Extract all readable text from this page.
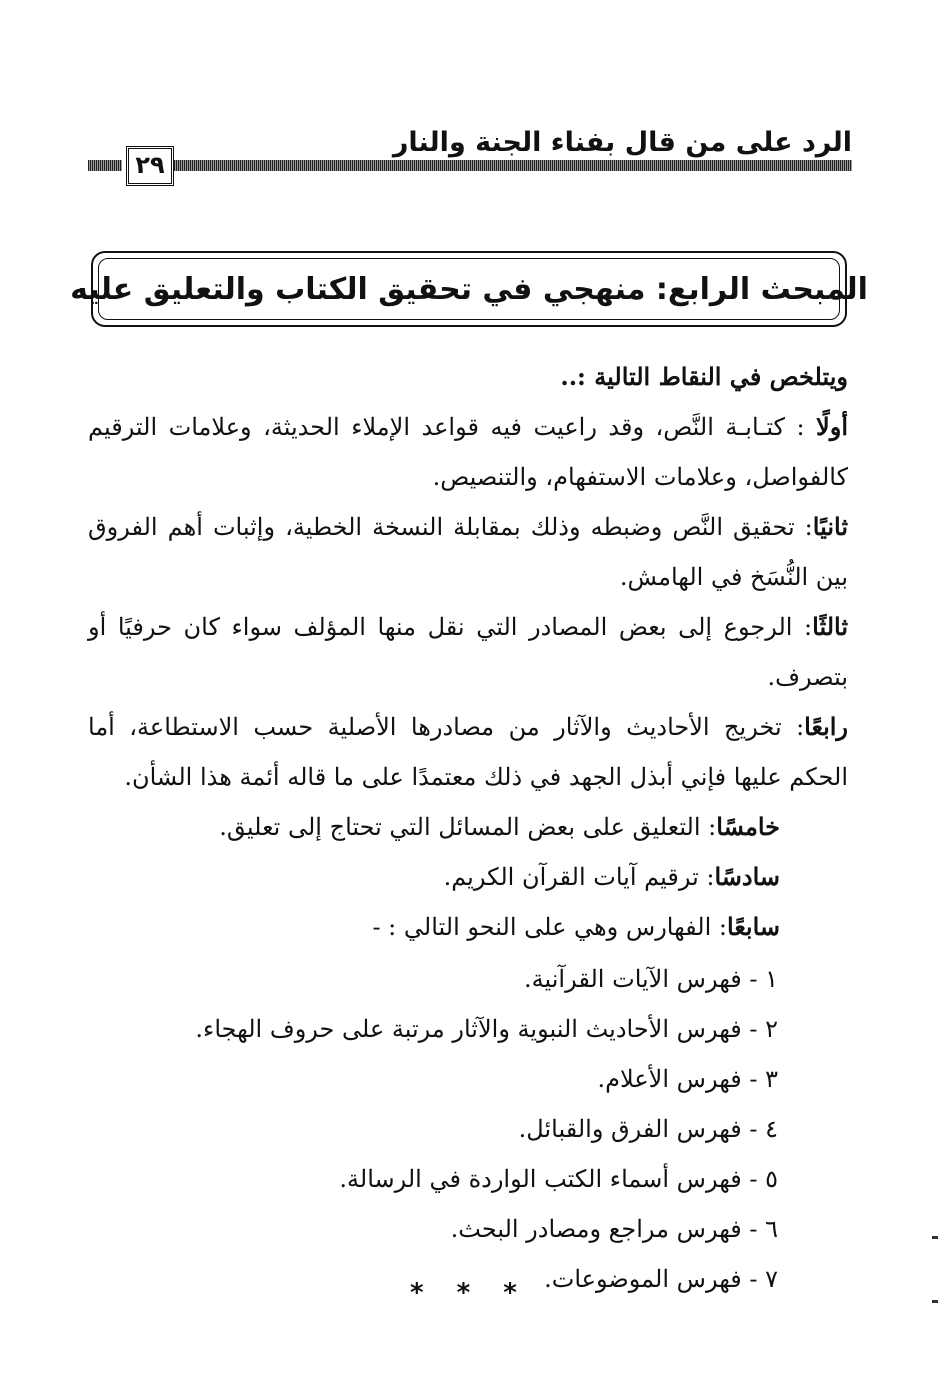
الرد على من قال بفناء الجنة والنار
٢٩
المبحث الرابع: منهجي في تحقيق الكتاب والتعليق عليه

ويتلخص في النقاط التالية :..

أولًا : كتـابـة النَّص، وقد راعيت فيه قواعد الإملاء الحديثة، وعلامات الترقيم كالفواصل، وعلامات الاستفهام، والتنصيص.

ثانيًا: تحقيق النَّص وضبطه وذلك بمقابلة النسخة الخطية، وإثبات أهم الفروق بين النُّسَخ في الهامش.

ثالثًا: الرجوع إلى بعض المصادر التي نقل منها المؤلف سواء كان حرفيًا أو بتصرف.

رابعًا: تخريج الأحاديث والآثار من مصادرها الأصلية حسب الاستطاعة، أما الحكم عليها فإني أبذل الجهد في ذلك معتمدًا على ما قاله أئمة هذا الشأن.

خامسًا: التعليق على بعض المسائل التي تحتاج إلى تعليق.

سادسًا: ترقيم آيات القرآن الكريم.

سابعًا: الفهارس وهي على النحو التالي : -

١ - فهرس الآيات القرآنية.
٢ - فهرس الأحاديث النبوية والآثار مرتبة على حروف الهجاء.
٣ - فهرس الأعلام.
٤ - فهرس الفرق والقبائل.
٥ - فهرس أسماء الكتب الواردة في الرسالة.
٦ - فهرس مراجع ومصادر البحث.
٧ - فهرس الموضوعات.
* * *
